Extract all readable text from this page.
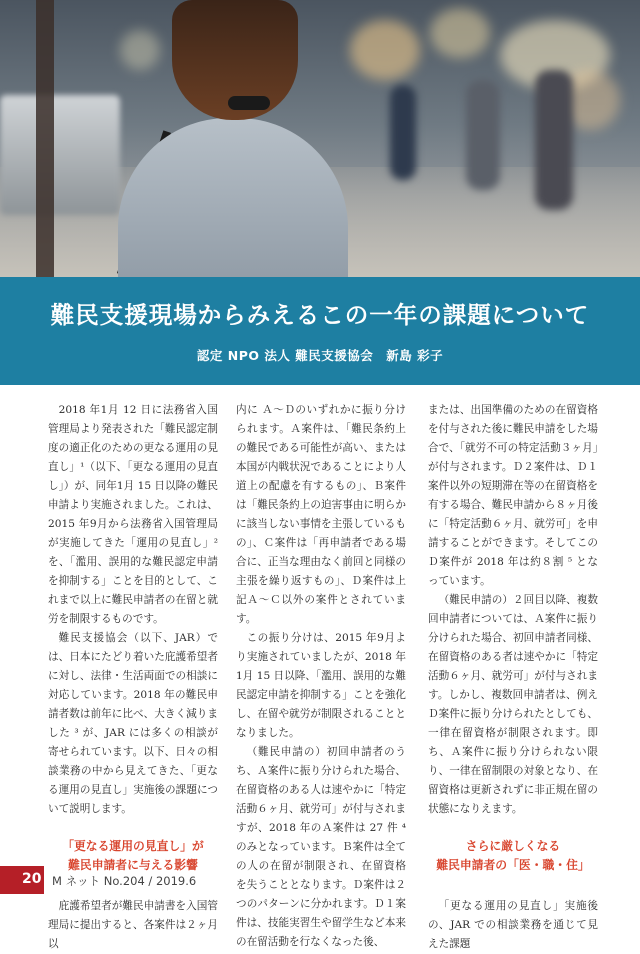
難民支援現場からみえるこの一年の課題について
認定 NPO 法人 難民支援協会　新島 彩子

2018 年1月 12 日に法務省入国管理局より発表された「難民認定制度の適正化のための更なる運用の見直し」¹（以下、「更なる運用の見直し」）が、同年1月 15 日以降の難民申請より実施されました。これは、2015 年9月から法務省入国管理局が実施してきた「運用の見直し」² を、「濫用、誤用的な難民認定申請を抑制する」ことを目的として、これまで以上に難民申請者の在留と就労を制限するものです。

難民支援協会（以下、JAR）では、日本にたどり着いた庇護希望者に対し、法律・生活両面での相談に対応しています。2018 年の難民申請者数は前年に比べ、大きく減りました ³ が、JAR には多くの相談が寄せられています。以下、日々の相談業務の中から見えてきた、「更なる運用の見直し」実施後の課題について説明します。

「更なる運用の見直し」が
難民申請者に与える影響

庇護希望者が難民申請書を入国管理局に提出すると、各案件は２ヶ月以

内に Ａ～Ｄのいずれかに振り分けられます。Ａ案件は、「難民条約上の難民である可能性が高い、または本国が内戦状況であることにより人道上の配慮を有するもの」、Ｂ案件は「難民条約上の迫害事由に明らかに該当しない事情を主張しているもの」、Ｃ案件は「再申請者である場合に、正当な理由なく前回と同様の主張を繰り返すもの」、Ｄ案件は上記Ａ～Ｃ以外の案件とされています。

この振り分けは、2015 年9月より実施されていましたが、2018 年1月 15 日以降、「濫用、誤用的な難民認定申請を抑制する」ことを強化し、在留や就労が制限されることとなりました。

（難民申請の）初回申請者のうち、Ａ案件に振り分けられた場合、在留資格のある人は速やかに「特定活動６ヶ月、就労可」が付与されますが、2018 年のＡ案件は 27 件 ⁴ のみとなっています。Ｂ案件は全ての人の在留が制限され、在留資格を失うこととなります。Ｄ案件は２つのパターンに分かれます。Ｄ１案件は、技能実習生や留学生など本来の在留活動を行なくなった後、

または、出国準備のための在留資格を付与された後に難民申請をした場合で、「就労不可の特定活動３ヶ月」が付与されます。Ｄ２案件は、Ｄ１案件以外の短期滞在等の在留資格を有する場合、難民申請から８ヶ月後に「特定活動６ヶ月、就労可」を申請することができます。そしてこのＤ案件が 2018 年は約８割 ⁵ となっています。

（難民申請の）２回目以降、複数回申請者については、Ａ案件に振り分けられた場合、初回申請者同様、在留資格のある者は速やかに「特定活動６ヶ月、就労可」が付与されます。しかし、複数回申請者は、例えＤ案件に振り分けられたとしても、一律在留資格が制限されます。即ち、Ａ案件に振り分けられない限り、一律在留制限の対象となり、在留資格は更新されずに非正規在留の状態になりえます。

さらに厳しくなる
難民申請者の「医・職・住」

「更なる運用の見直し」実施後の、JAR での相談業務を通じて見えた課題

20 M ネット No.204 / 2019.6
